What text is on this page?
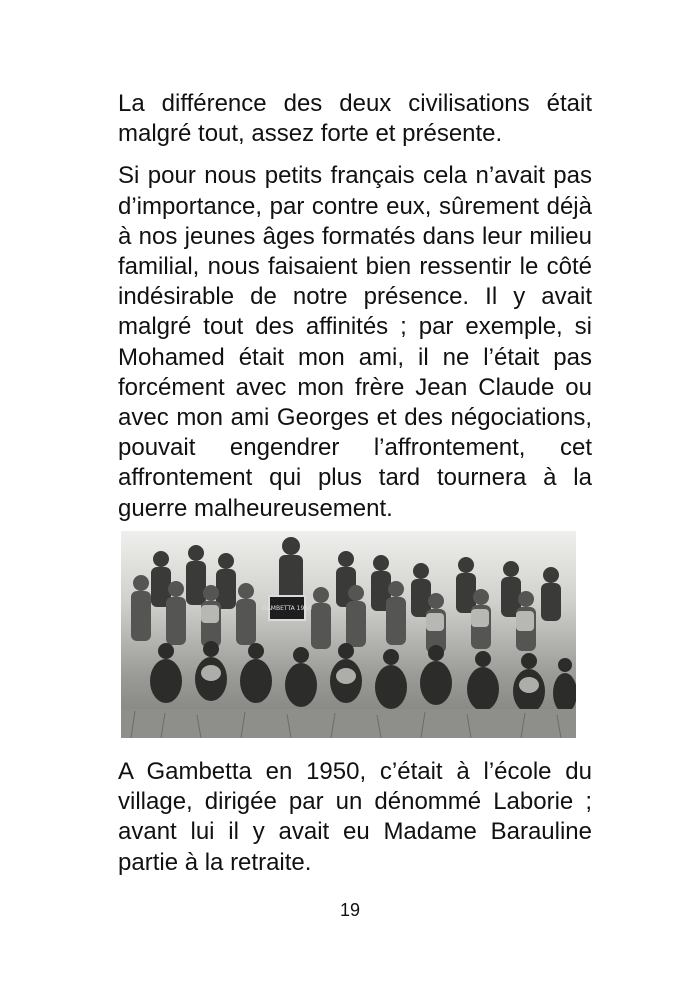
La différence des deux civilisations était malgré tout, assez forte et présente.

Si pour nous petits français cela n’avait pas d’importance, par contre eux, sûrement déjà à nos jeunes âges formatés dans leur milieu familial, nous faisaient bien ressentir le côté indésirable de notre présence. Il y avait malgré tout des affinités ; par exemple, si Mohamed était mon ami, il ne l’était pas forcément avec mon frère Jean Claude ou avec mon ami Georges et des négociations, pouvait engendrer l’affrontement, cet affrontement qui plus tard tournera à la guerre malheureusement.

GAMBETTA 1950

A Gambetta en 1950, c’était à l’école du village, dirigée par un dénommé Laborie ; avant lui il y avait eu Madame Barauline partie à la retraite.

19
